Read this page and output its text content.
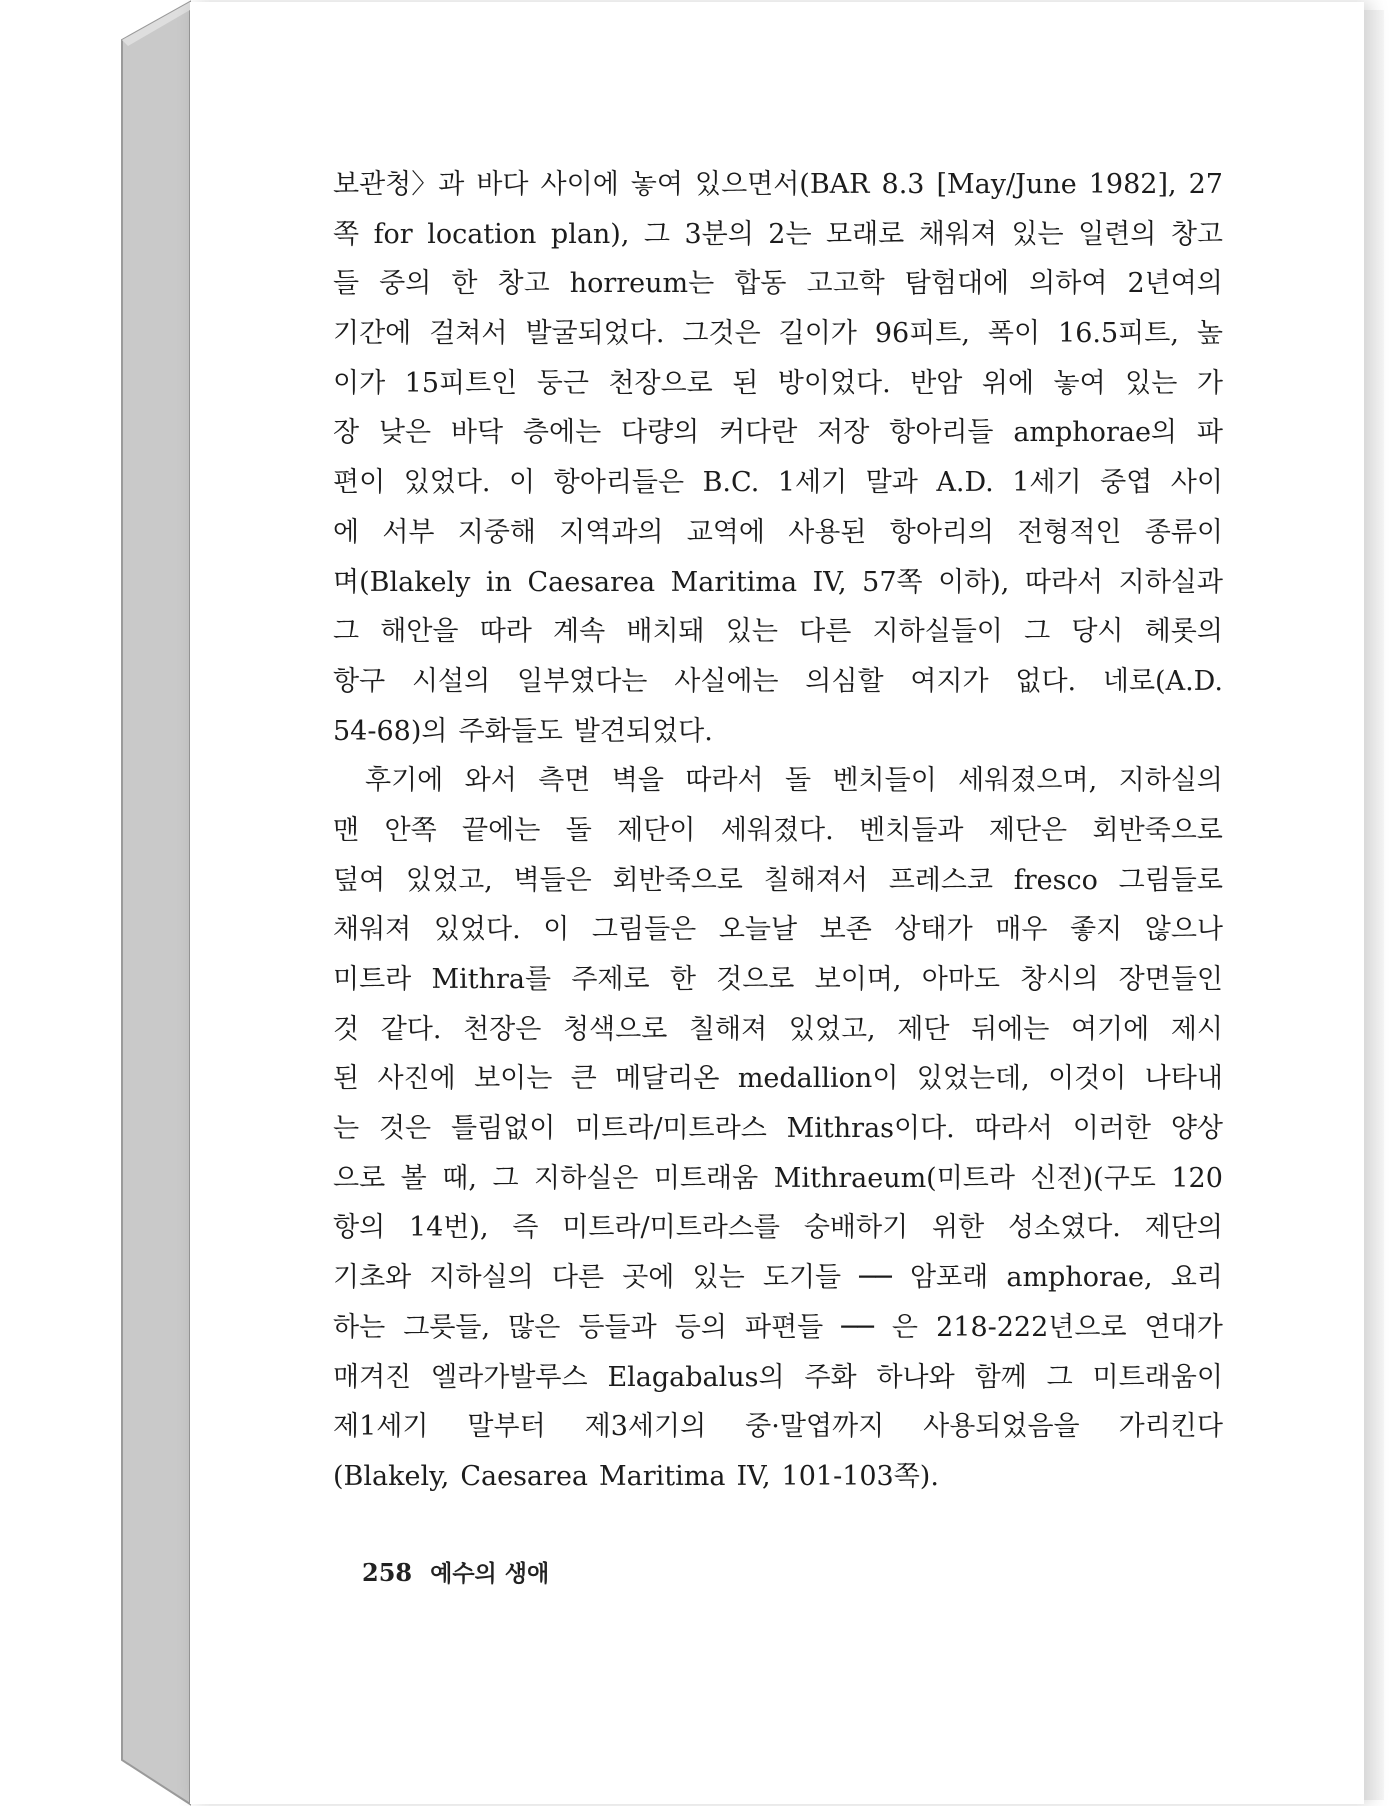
보관청〉과 바다 사이에 놓여 있으면서(BAR 8.3 [May/June 1982], 27
쪽 for location plan), 그 3분의 2는 모래로 채워져 있는 일련의 창고
들 중의 한 창고 horreum는 합동 고고학 탐험대에 의하여 2년여의
기간에 걸쳐서 발굴되었다. 그것은 길이가 96피트, 폭이 16.5피트, 높
이가 15피트인 둥근 천장으로 된 방이었다. 반암 위에 놓여 있는 가
장 낮은 바닥 층에는 다량의 커다란 저장 항아리들 amphorae의 파
편이 있었다. 이 항아리들은 B.C. 1세기 말과 A.D. 1세기 중엽 사이
에 서부 지중해 지역과의 교역에 사용된 항아리의 전형적인 종류이
며(Blakely in Caesarea Maritima IV, 57쪽 이하), 따라서 지하실과
그 해안을 따라 계속 배치돼 있는 다른 지하실들이 그 당시 헤롯의
항구 시설의 일부였다는 사실에는 의심할 여지가 없다. 네로(A.D.
54-68)의 주화들도 발견되었다.
후기에 와서 측면 벽을 따라서 돌 벤치들이 세워졌으며, 지하실의
맨 안쪽 끝에는 돌 제단이 세워졌다. 벤치들과 제단은 회반죽으로
덮여 있었고, 벽들은 회반죽으로 칠해져서 프레스코 fresco 그림들로
채워져 있었다. 이 그림들은 오늘날 보존 상태가 매우 좋지 않으나
미트라 Mithra를 주제로 한 것으로 보이며, 아마도 창시의 장면들인
것 같다. 천장은 청색으로 칠해져 있었고, 제단 뒤에는 여기에 제시
된 사진에 보이는 큰 메달리온 medallion이 있었는데, 이것이 나타내
는 것은 틀림없이 미트라/미트라스 Mithras이다. 따라서 이러한 양상
으로 볼 때, 그 지하실은 미트래움 Mithraeum(미트라 신전)(구도 120
항의 14번), 즉 미트라/미트라스를 숭배하기 위한 성소였다. 제단의
기초와 지하실의 다른 곳에 있는 도기들 ── 암포래 amphorae, 요리
하는 그릇들, 많은 등들과 등의 파편들 ── 은 218-222년으로 연대가
매겨진 엘라가발루스 Elagabalus의 주화 하나와 함께 그 미트래움이
제1세기 말부터 제3세기의 중·말엽까지 사용되었음을 가리킨다
(Blakely, Caesarea Maritima IV, 101-103쪽).
258 예수의 생애
